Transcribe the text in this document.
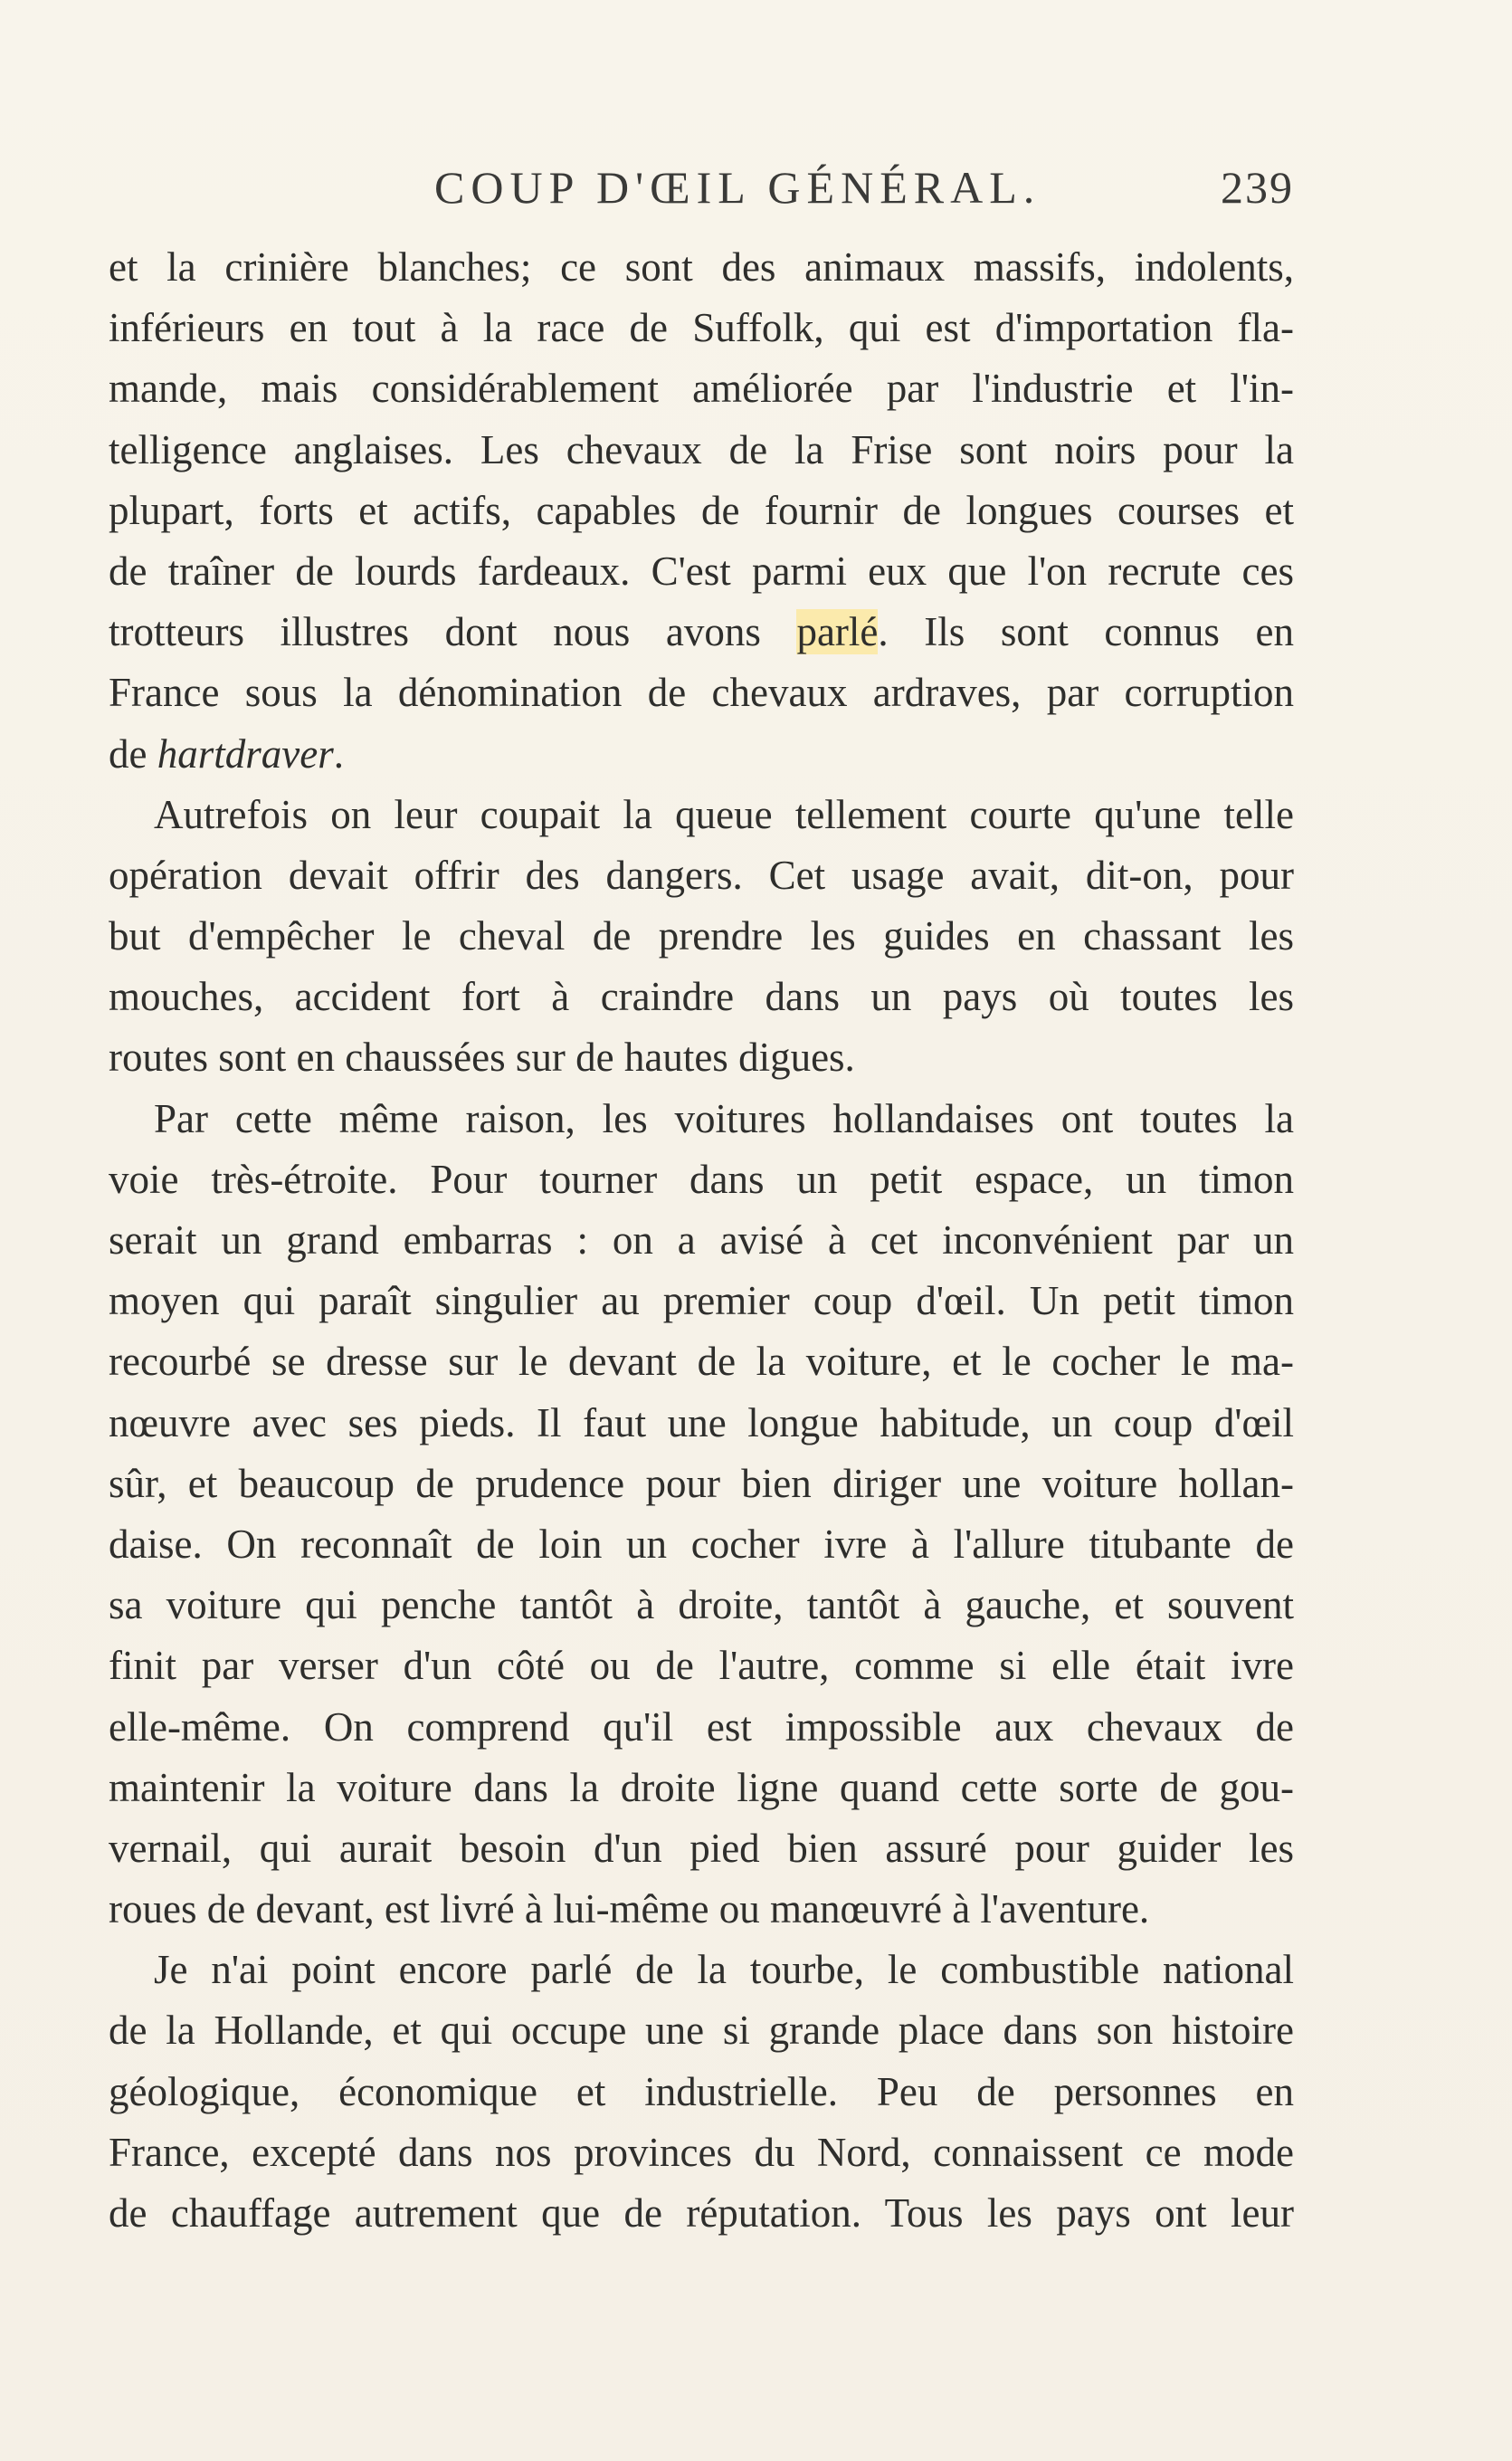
COUP D'ŒIL GÉNÉRAL.	239
et la crinière blanches; ce sont des animaux massifs, indolents,
inférieurs en tout à la race de Suffolk, qui est d'importation fla-
mande, mais considérablement améliorée par l'industrie et l'in-
telligence anglaises. Les chevaux de la Frise sont noirs pour la
plupart, forts et actifs, capables de fournir de longues courses et
de traîner de lourds fardeaux. C'est parmi eux que l'on recrute ces
trotteurs illustres dont nous avons parlé. Ils sont connus en
France sous la dénomination de chevaux ardraves, par corruption
de hartdraver.
Autrefois on leur coupait la queue tellement courte qu'une telle
opération devait offrir des dangers. Cet usage avait, dit-on, pour
but d'empêcher le cheval de prendre les guides en chassant les
mouches, accident fort à craindre dans un pays où toutes les
routes sont en chaussées sur de hautes digues.
Par cette même raison, les voitures hollandaises ont toutes la
voie très-étroite. Pour tourner dans un petit espace, un timon
serait un grand embarras : on a avisé à cet inconvénient par un
moyen qui paraît singulier au premier coup d'œil. Un petit timon
recourbé se dresse sur le devant de la voiture, et le cocher le ma-
nœuvre avec ses pieds. Il faut une longue habitude, un coup d'œil
sûr, et beaucoup de prudence pour bien diriger une voiture hollan-
daise. On reconnaît de loin un cocher ivre à l'allure titubante de
sa voiture qui penche tantôt à droite, tantôt à gauche, et souvent
finit par verser d'un côté ou de l'autre, comme si elle était ivre
elle-même. On comprend qu'il est impossible aux chevaux de
maintenir la voiture dans la droite ligne quand cette sorte de gou-
vernail, qui aurait besoin d'un pied bien assuré pour guider les
roues de devant, est livré à lui-même ou manœuvré à l'aventure.
Je n'ai point encore parlé de la tourbe, le combustible national
de la Hollande, et qui occupe une si grande place dans son histoire
géologique, économique et industrielle. Peu de personnes en
France, excepté dans nos provinces du Nord, connaissent ce mode
de chauffage autrement que de réputation. Tous les pays ont leur
